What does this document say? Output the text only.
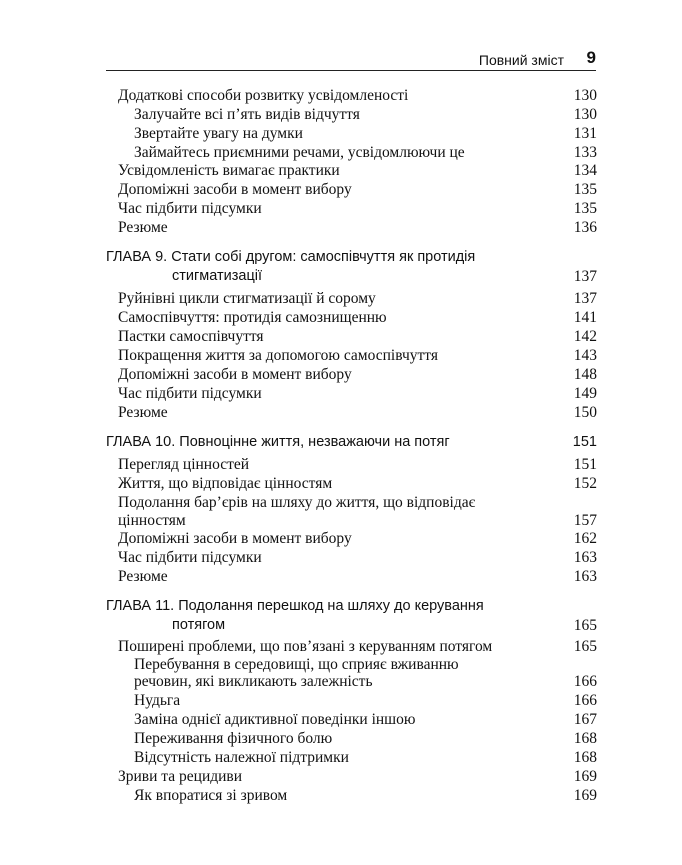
Повний зміст 9
Додаткові способи розвитку усвідомленості	130
Залучайте всі п’ять видів відчуття	130
Звертайте увагу на думки	131
Займайтесь приємними речами, усвідомлюючи це	133
Усвідомленість вимагає практики	134
Допоміжні засоби в момент вибору	135
Час підбити підсумки	135
Резюме	136
ГЛАВА 9. Стати собі другом: самоспівчуття як протидія
стигматизації	137
Руйнівні цикли стигматизації й сорому	137
Самоспівчуття: протидія самознищенню	141
Пастки самоспівчуття	142
Покращення життя за допомогою самоспівчуття	143
Допоміжні засоби в момент вибору	148
Час підбити підсумки	149
Резюме	150
ГЛАВА 10. Повноцінне життя, незважаючи на потяг	151
Перегляд цінностей	151
Життя, що відповідає цінностям	152
Подолання бар’єрів на шляху до життя, що відповідає
цінностям	157
Допоміжні засоби в момент вибору	162
Час підбити підсумки	163
Резюме	163
ГЛАВА 11. Подолання перешкод на шляху до керування
потягом	165
Поширені проблеми, що пов’язані з керуванням потягом	165
Перебування в середовищі, що сприяє вживанню
речовин, які викликають залежність	166
Нудьга	166
Заміна однієї адиктивної поведінки іншою	167
Переживання фізичного болю	168
Відсутність належної підтримки	168
Зриви та рецидиви	169
Як впоратися зі зривом	169
